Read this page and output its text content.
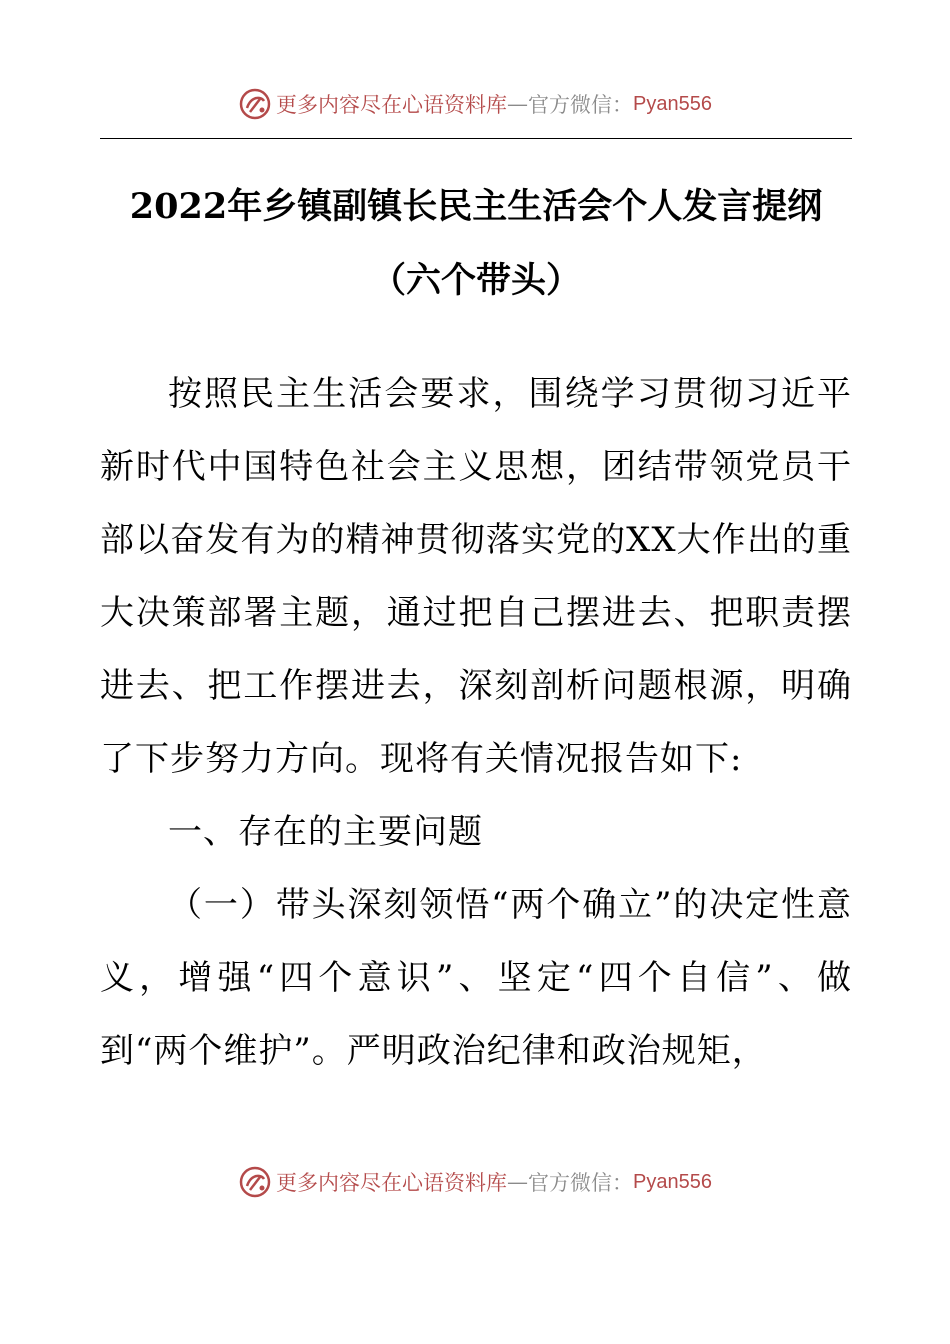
更多内容尽在心语资料库 — 官方微信： Pyan556
2022年乡镇副镇长民主生活会个人发言提纲（六个带头）

按照民主生活会要求，围绕学习贯彻习近平新时代中国特色社会主义思想，团结带领党员干部以奋发有为的精神贯彻落实党的XX大作出的重大决策部署主题，通过把自己摆进去、把职责摆进去、把工作摆进去，深刻剖析问题根源，明确了下步努力方向。现将有关情况报告如下:

一、存在的主要问题

（一）带头深刻领悟“两个确立”的决定性意义，增强“四个意识”、坚定“四个自信”、做到“两个维护”。严明政治纪律和政治规矩，

更多内容尽在心语资料库 — 官方微信： Pyan556
